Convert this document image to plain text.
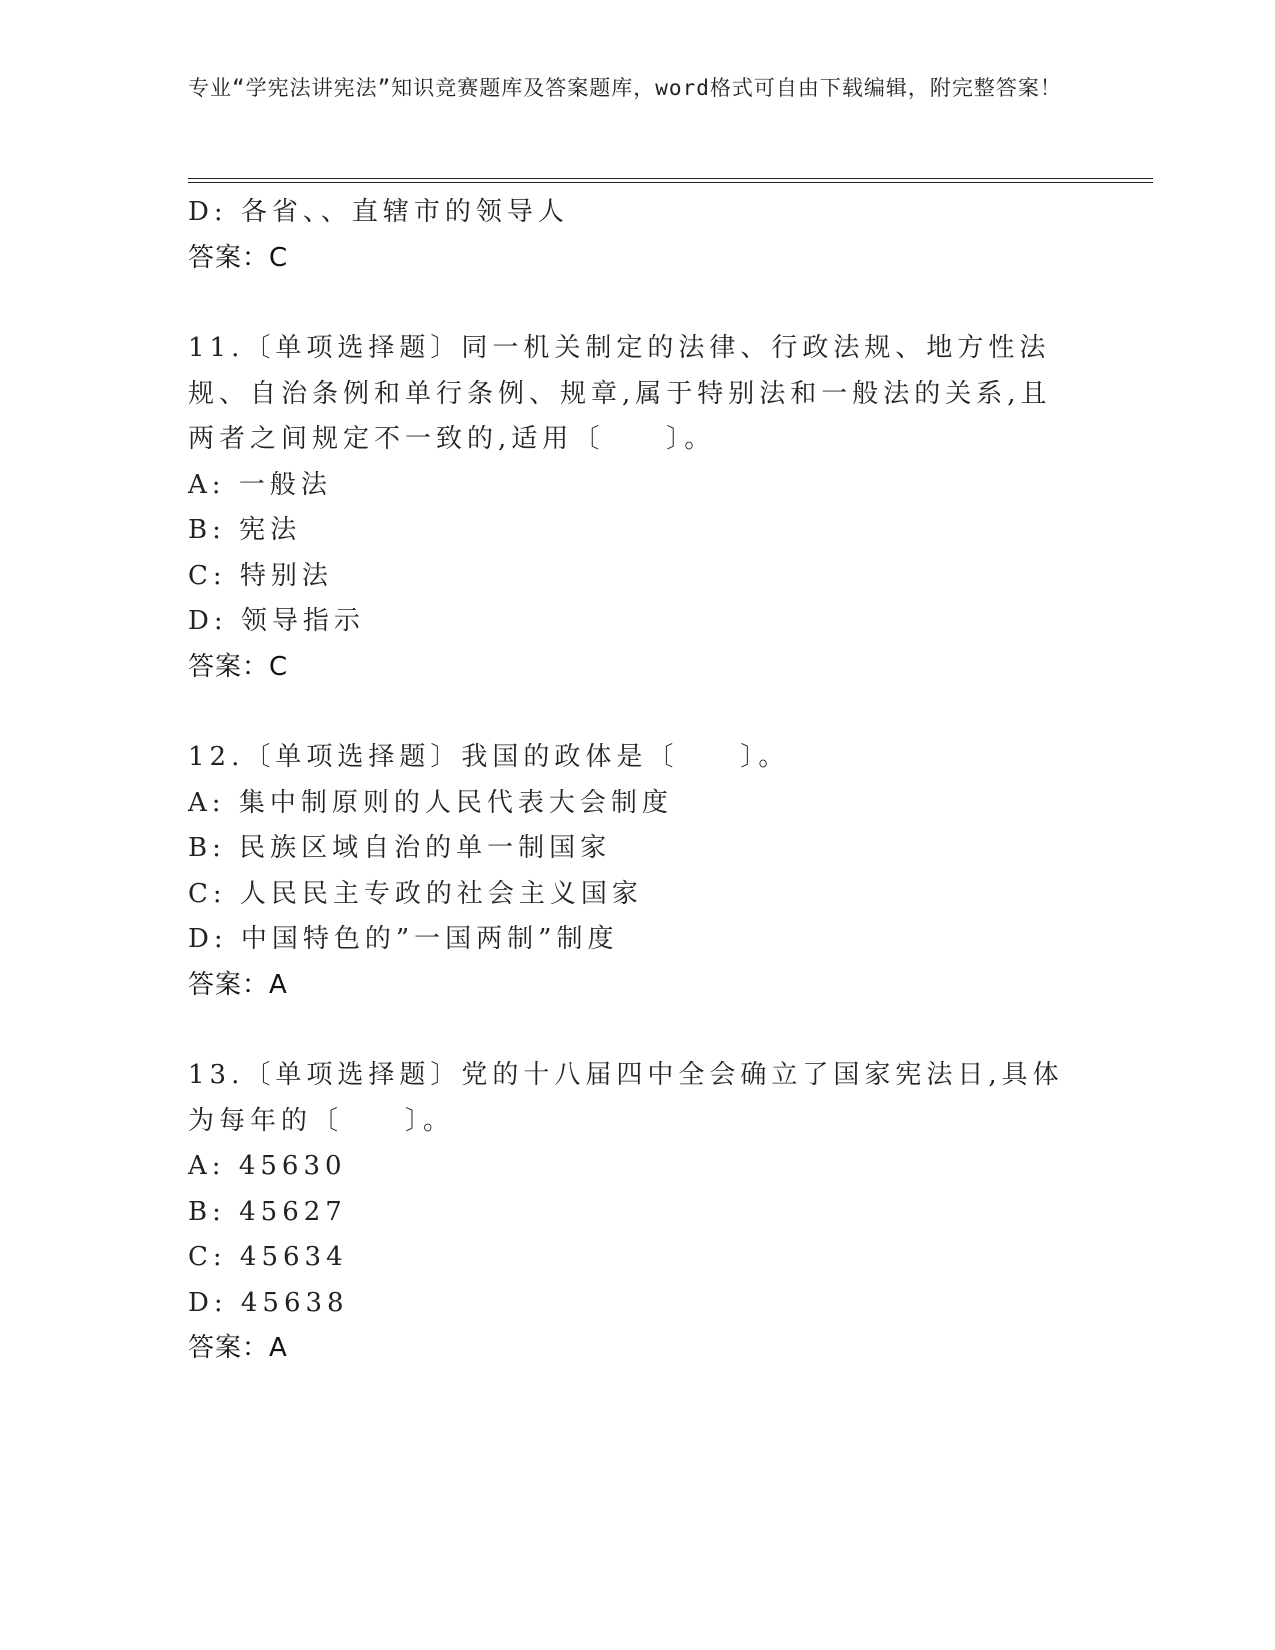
专业“学宪法讲宪法”知识竞赛题库及答案题库，word格式可自由下载编辑，附完整答案！
D: 各省、、直辖市的领导人
答案：C
11.〔单项选择题〕同一机关制定的法律、行政法规、地方性法规、自治条例和单行条例、规章,属于特别法和一般法的关系,且两者之间规定不一致的,适用〔　　〕。
A: 一般法
B: 宪法
C: 特别法
D: 领导指示
答案：C
12.〔单项选择题〕我国的政体是〔　　〕。
A: 集中制原则的人民代表大会制度
B: 民族区域自治的单一制国家
C: 人民民主专政的社会主义国家
D: 中国特色的”一国两制”制度
答案：A
13.〔单项选择题〕党的十八届四中全会确立了国家宪法日,具体为每年的〔　　〕。
A: 45630
B: 45627
C: 45634
D: 45638
答案：A
